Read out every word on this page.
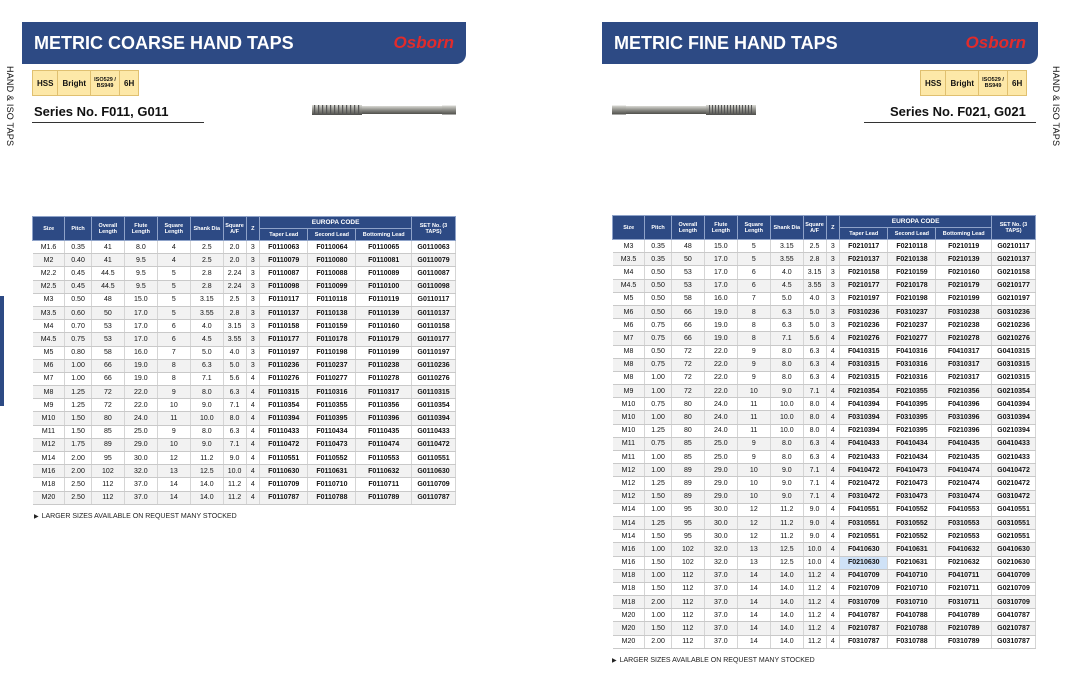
HAND & ISO TAPS
METRIC COARSE HAND TAPS	Osborn
HSS	Bright	ISO529 / BS949	6H
Series No. F011, G011
Size	Pitch	Overall Length	Flute Length	Square Length	Shank Dia	Square A/F	Z	EUROPA CODE			SET No. (3 TAPS)
								Taper Lead	Second Lead	Bottoming Lead	
M1.6	0.35	41	8.0	4	2.5	2.0	3	F0110063	F0110064	F0110065	G0110063
M2	0.40	41	9.5	4	2.5	2.0	3	F0110079	F0110080	F0110081	G0110079
M2.2	0.45	44.5	9.5	5	2.8	2.24	3	F0110087	F0110088	F0110089	G0110087
M2.5	0.45	44.5	9.5	5	2.8	2.24	3	F0110098	F0110099	F0110100	G0110098
M3	0.50	48	15.0	5	3.15	2.5	3	F0110117	F0110118	F0110119	G0110117
M3.5	0.60	50	17.0	5	3.55	2.8	3	F0110137	F0110138	F0110139	G0110137
M4	0.70	53	17.0	6	4.0	3.15	3	F0110158	F0110159	F0110160	G0110158
M4.5	0.75	53	17.0	6	4.5	3.55	3	F0110177	F0110178	F0110179	G0110177
M5	0.80	58	16.0	7	5.0	4.0	3	F0110197	F0110198	F0110199	G0110197
M6	1.00	66	19.0	8	6.3	5.0	3	F0110236	F0110237	F0110238	G0110236
M7	1.00	66	19.0	8	7.1	5.6	4	F0110276	F0110277	F0110278	G0110276
M8	1.25	72	22.0	9	8.0	6.3	4	F0110315	F0110316	F0110317	G0110315
M9	1.25	72	22.0	10	9.0	7.1	4	F0110354	F0110355	F0110356	G0110354
M10	1.50	80	24.0	11	10.0	8.0	4	F0110394	F0110395	F0110396	G0110394
M11	1.50	85	25.0	9	8.0	6.3	4	F0110433	F0110434	F0110435	G0110433
M12	1.75	89	29.0	10	9.0	7.1	4	F0110472	F0110473	F0110474	G0110472
M14	2.00	95	30.0	12	11.2	9.0	4	F0110551	F0110552	F0110553	G0110551
M16	2.00	102	32.0	13	12.5	10.0	4	F0110630	F0110631	F0110632	G0110630
M18	2.50	112	37.0	14	14.0	11.2	4	F0110709	F0110710	F0110711	G0110709
M20	2.50	112	37.0	14	14.0	11.2	4	F0110787	F0110788	F0110789	G0110787
▶ LARGER SIZES AVAILABLE ON REQUEST MANY STOCKED
HAND & ISO TAPS
METRIC FINE HAND TAPS	Osborn
HSS	Bright	ISO529 / BS949	6H
Series No. F021, G021
Size	Pitch	Overall Length	Flute Length	Square Length	Shank Dia	Square A/F	Z	EUROPA CODE			SET No. (3 TAPS)
								Taper Lead	Second Lead	Bottoming Lead	
M3	0.35	48	15.0	5	3.15	2.5	3	F0210117	F0210118	F0210119	G0210117
M3.5	0.35	50	17.0	5	3.55	2.8	3	F0210137	F0210138	F0210139	G0210137
M4	0.50	53	17.0	6	4.0	3.15	3	F0210158	F0210159	F0210160	G0210158
M4.5	0.50	53	17.0	6	4.5	3.55	3	F0210177	F0210178	F0210179	G0210177
M5	0.50	58	16.0	7	5.0	4.0	3	F0210197	F0210198	F0210199	G0210197
M6	0.50	66	19.0	8	6.3	5.0	3	F0310236	F0310237	F0310238	G0310236
M6	0.75	66	19.0	8	6.3	5.0	3	F0210236	F0210237	F0210238	G0210236
M7	0.75	66	19.0	8	7.1	5.6	4	F0210276	F0210277	F0210278	G0210276
M8	0.50	72	22.0	9	8.0	6.3	4	F0410315	F0410316	F0410317	G0410315
M8	0.75	72	22.0	9	8.0	6.3	4	F0310315	F0310316	F0310317	G0310315
M8	1.00	72	22.0	9	8.0	6.3	4	F0210315	F0210316	F0210317	G0210315
M9	1.00	72	22.0	10	9.0	7.1	4	F0210354	F0210355	F0210356	G0210354
M10	0.75	80	24.0	11	10.0	8.0	4	F0410394	F0410395	F0410396	G0410394
M10	1.00	80	24.0	11	10.0	8.0	4	F0310394	F0310395	F0310396	G0310394
M10	1.25	80	24.0	11	10.0	8.0	4	F0210394	F0210395	F0210396	G0210394
M11	0.75	85	25.0	9	8.0	6.3	4	F0410433	F0410434	F0410435	G0410433
M11	1.00	85	25.0	9	8.0	6.3	4	F0210433	F0210434	F0210435	G0210433
M12	1.00	89	29.0	10	9.0	7.1	4	F0410472	F0410473	F0410474	G0410472
M12	1.25	89	29.0	10	9.0	7.1	4	F0210472	F0210473	F0210474	G0210472
M12	1.50	89	29.0	10	9.0	7.1	4	F0310472	F0310473	F0310474	G0310472
M14	1.00	95	30.0	12	11.2	9.0	4	F0410551	F0410552	F0410553	G0410551
M14	1.25	95	30.0	12	11.2	9.0	4	F0310551	F0310552	F0310553	G0310551
M14	1.50	95	30.0	12	11.2	9.0	4	F0210551	F0210552	F0210553	G0210551
M16	1.00	102	32.0	13	12.5	10.0	4	F0410630	F0410631	F0410632	G0410630
M16	1.50	102	32.0	13	12.5	10.0	4	F0210630	F0210631	F0210632	G0210630
M18	1.00	112	37.0	14	14.0	11.2	4	F0410709	F0410710	F0410711	G0410709
M18	1.50	112	37.0	14	14.0	11.2	4	F0210709	F0210710	F0210711	G0210709
M18	2.00	112	37.0	14	14.0	11.2	4	F0310709	F0310710	F0310711	G0310709
M20	1.00	112	37.0	14	14.0	11.2	4	F0410787	F0410788	F0410789	G0410787
M20	1.50	112	37.0	14	14.0	11.2	4	F0210787	F0210788	F0210789	G0210787
M20	2.00	112	37.0	14	14.0	11.2	4	F0310787	F0310788	F0310789	G0310787
▶ LARGER SIZES AVAILABLE ON REQUEST MANY STOCKED
